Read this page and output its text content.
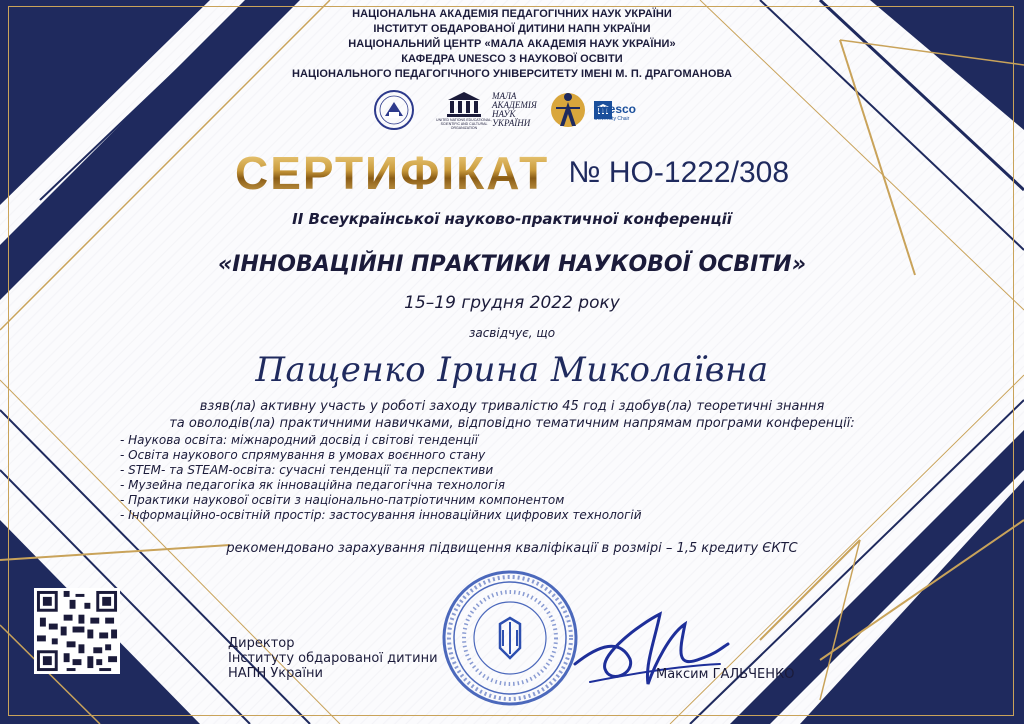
НАЦІОНАЛЬНА АКАДЕМІЯ ПЕДАГОГІЧНИХ НАУК УКРАЇНИ
ІНСТИТУТ ОБДАРОВАНОЇ ДИТИНИ НАПН УКРАЇНИ
НАЦІОНАЛЬНИЙ ЦЕНТР «МАЛА АКАДЕМІЯ НАУК УКРАЇНИ»
КАФЕДРА UNESCO З НАУКОВОЇ ОСВІТИ
НАЦІОНАЛЬНОГО ПЕДАГОГІЧНОГО УНІВЕРСИТЕТУ ІМЕНІ М. П. ДРАГОМАНОВА
UNITED NATIONS EDUCATIONAL, SCIENTIFIC AND CULTURAL ORGANIZATION
МАЛА АКАДЕМІЯ НАУК УКРАЇНИ
unesco
University Chair
СЕРТИФІКАТ № НО-1222/308
ІІ Всеукраїнської науково-практичної конференції
«ІННОВАЦІЙНІ ПРАКТИКИ НАУКОВОЇ ОСВІТИ»
15–19 грудня 2022 року
засвідчує, що
Пащенко Ірина Миколаївна
взяв(ла) активну участь у роботі заходу тривалістю 45 год і здобув(ла) теоретичні знання
та оволодів(ла) практичними навичками, відповідно тематичним напрямам програми конференції:
- Наукова освіта: міжнародний досвід і світові тенденції
- Освіта наукового спрямування в умовах воєнного стану
- STEM- та STEAM-освіта: сучасні тенденції та перспективи
- Музейна педагогіка як інноваційна педагогічна технологія
- Практики наукової освіти з національно-патріотичним компонентом
- Інформаційно-освітній простір: застосування інноваційних цифрових технологій
рекомендовано зарахування підвищення кваліфікації в розмірі – 1,5 кредиту ЄКТС
Директор
Інституту обдарованої дитини
НАПН України	Максим ГАЛЬЧЕНКО
